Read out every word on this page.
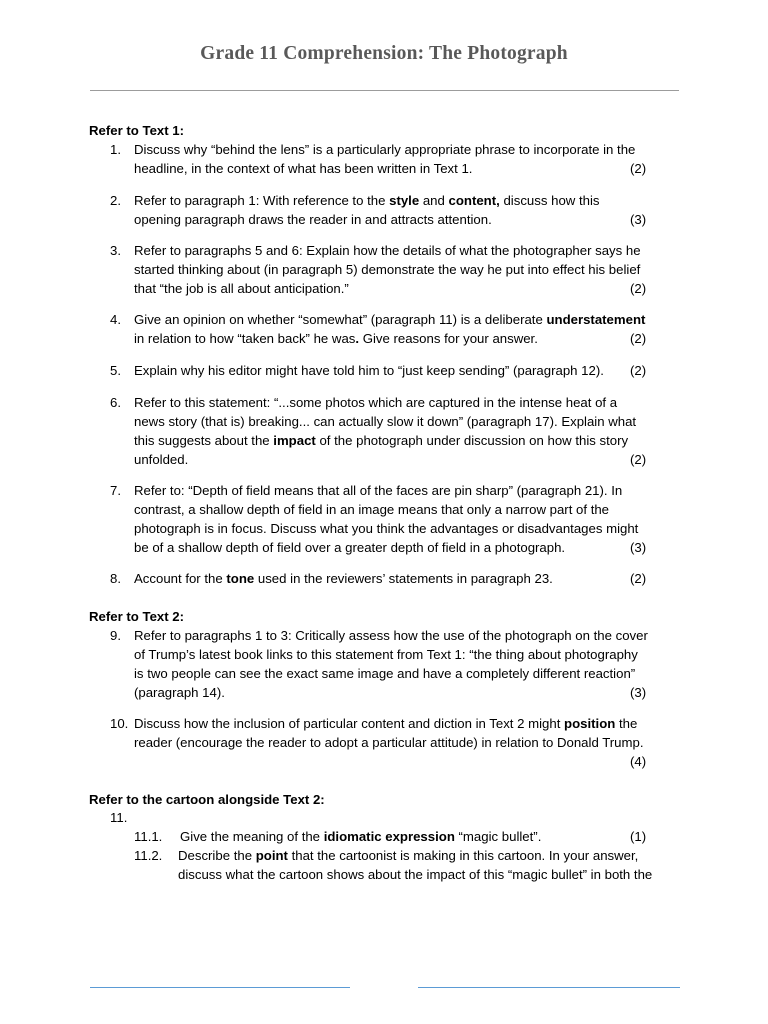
Grade 11 Comprehension: The Photograph
Refer to Text 1:
1. Discuss why “behind the lens” is a particularly appropriate phrase to incorporate in the headline, in the context of what has been written in Text 1.	(2)
2. Refer to paragraph 1: With reference to the style and content, discuss how this opening paragraph draws the reader in and attracts attention.	(3)
3. Refer to paragraphs 5 and 6: Explain how the details of what the photographer says he started thinking about (in paragraph 5) demonstrate the way he put into effect his belief that “the job is all about anticipation.”	(2)
4. Give an opinion on whether “somewhat” (paragraph 11) is a deliberate understatement in relation to how “taken back” he was. Give reasons for your answer.	(2)
5. Explain why his editor might have told him to “just keep sending” (paragraph 12).	(2)
6. Refer to this statement: “...some photos which are captured in the intense heat of a news story (that is) breaking... can actually slow it down” (paragraph 17). Explain what this suggests about the impact of the photograph under discussion on how this story unfolded.	(2)
7. Refer to: “Depth of field means that all of the faces are pin sharp” (paragraph 21). In contrast, a shallow depth of field in an image means that only a narrow part of the photograph is in focus. Discuss what you think the advantages or disadvantages might be of a shallow depth of field over a greater depth of field in a photograph.	(3)
8. Account for the tone used in the reviewers’ statements in paragraph 23.	(2)
Refer to Text 2:
9. Refer to paragraphs 1 to 3: Critically assess how the use of the photograph on the cover of Trump’s latest book links to this statement from Text 1: “the thing about photography is two people can see the exact same image and have a completely different reaction” (paragraph 14).	(3)
10. Discuss how the inclusion of particular content and diction in Text 2 might position the reader (encourage the reader to adopt a particular attitude) in relation to Donald Trump.
(4)
Refer to the cartoon alongside Text 2:
11.
11.1. Give the meaning of the idiomatic expression “magic bullet”.	(1)
11.2. Describe the point that the cartoonist is making in this cartoon. In your answer, discuss what the cartoon shows about the impact of this “magic bullet” in both the
